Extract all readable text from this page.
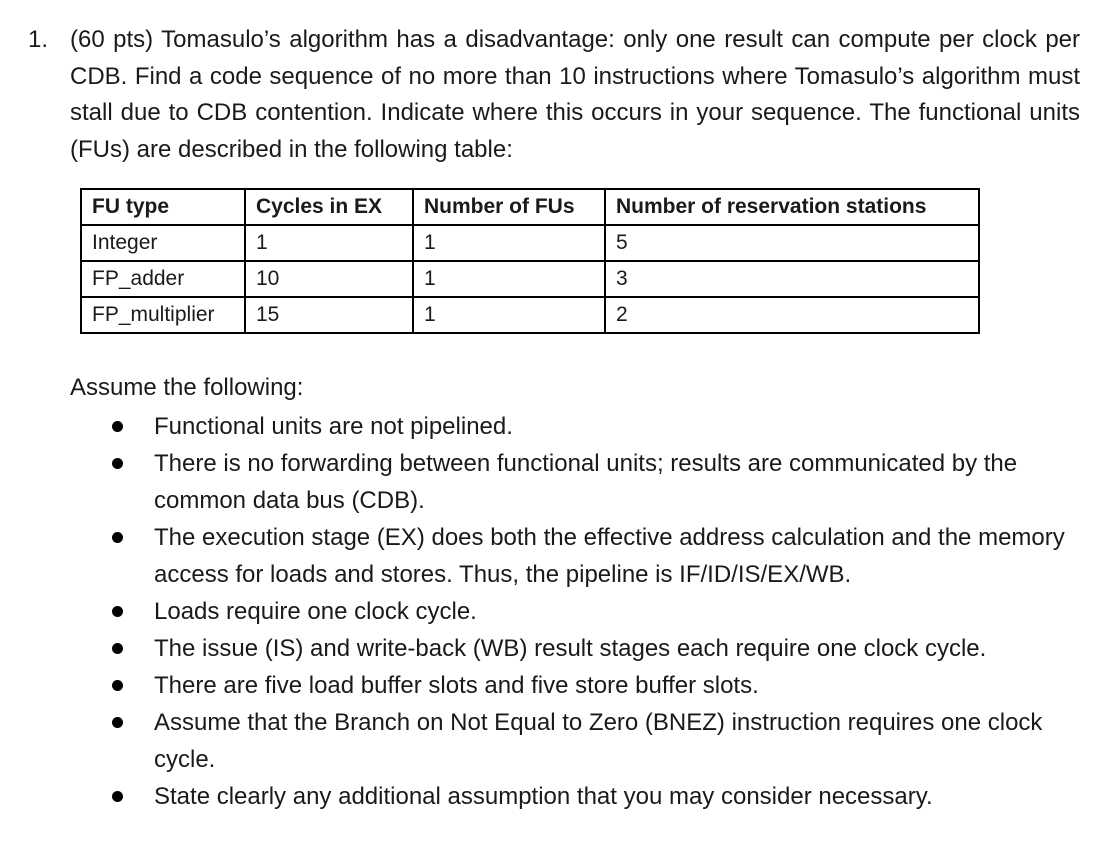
1. (60 pts) Tomasulo’s algorithm has a disadvantage: only one result can compute per clock per CDB. Find a code sequence of no more than 10 instructions where Tomasulo’s algorithm must stall due to CDB contention. Indicate where this occurs in your sequence. The functional units (FUs) are described in the following table:
FU type	Cycles in EX	Number of FUs	Number of reservation stations
Integer	1	1	5
FP_adder	10	1	3
FP_multiplier	15	1	2
Assume the following:
Functional units are not pipelined.
There is no forwarding between functional units; results are communicated by the common data bus (CDB).
The execution stage (EX) does both the effective address calculation and the memory access for loads and stores. Thus, the pipeline is IF/ID/IS/EX/WB.
Loads require one clock cycle.
The issue (IS) and write-back (WB) result stages each require one clock cycle.
There are five load buffer slots and five store buffer slots.
Assume that the Branch on Not Equal to Zero (BNEZ) instruction requires one clock cycle.
State clearly any additional assumption that you may consider necessary.
